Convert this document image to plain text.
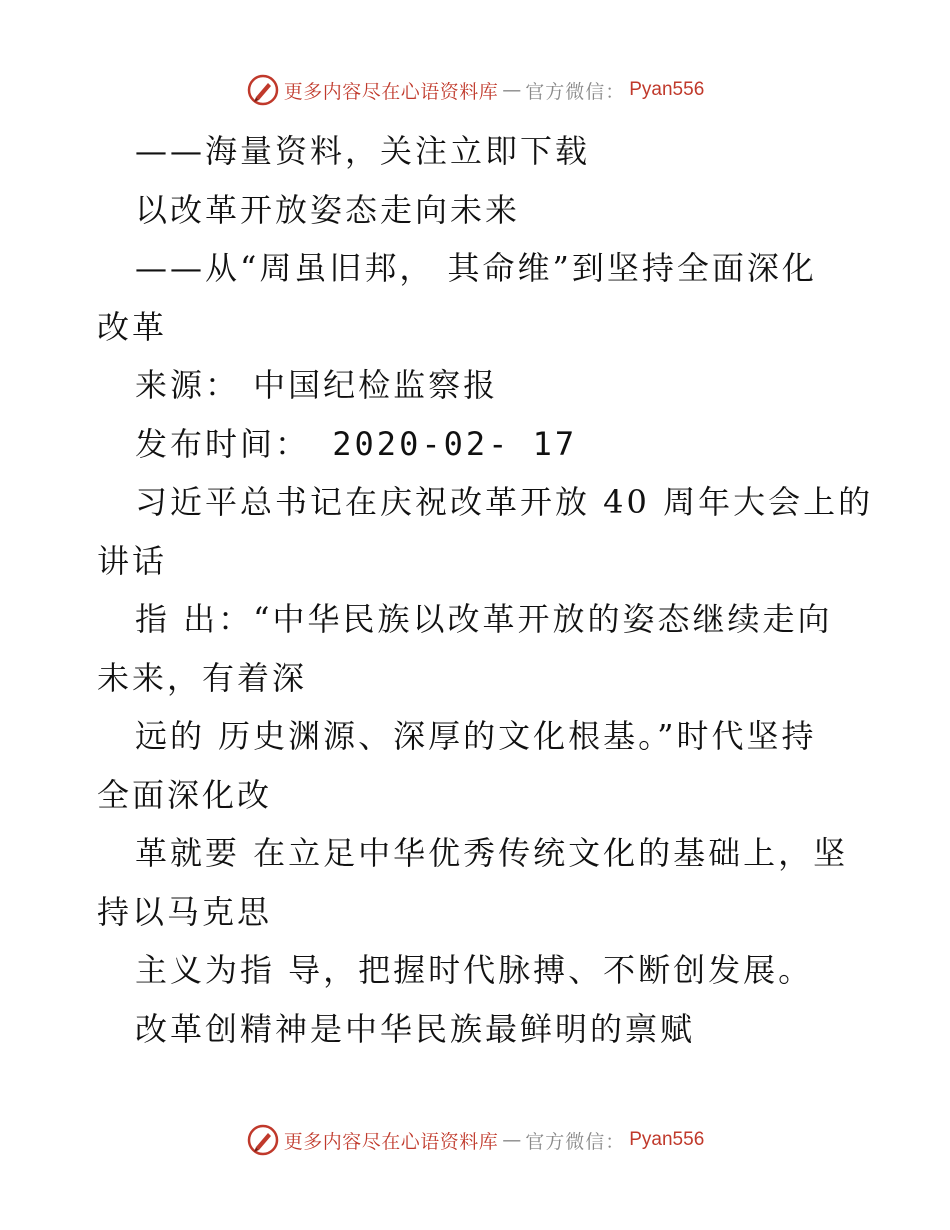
更多内容尽在心语资料库 — 官方微信： Pyan556
——海量资料，关注立即下载
以改革开放姿态走向未来
——从“周虽旧邦， 其命维”到坚持全面深化
改革
来源： 中国纪检监察报
发布时间： 2020-02- 17
习近平总书记在庆祝改革开放 40 周年大会上的
讲话
指 出：“中华民族以改革开放的姿态继续走向
未来，有着深
远的 历史渊源、深厚的文化根基。”时代坚持
全面深化改
革就要 在立足中华优秀传统文化的基础上，坚
持以马克思
主义为指 导，把握时代脉搏、不断创发展。
改革创精神是中华民族最鲜明的禀赋
更多内容尽在心语资料库 — 官方微信： Pyan556
